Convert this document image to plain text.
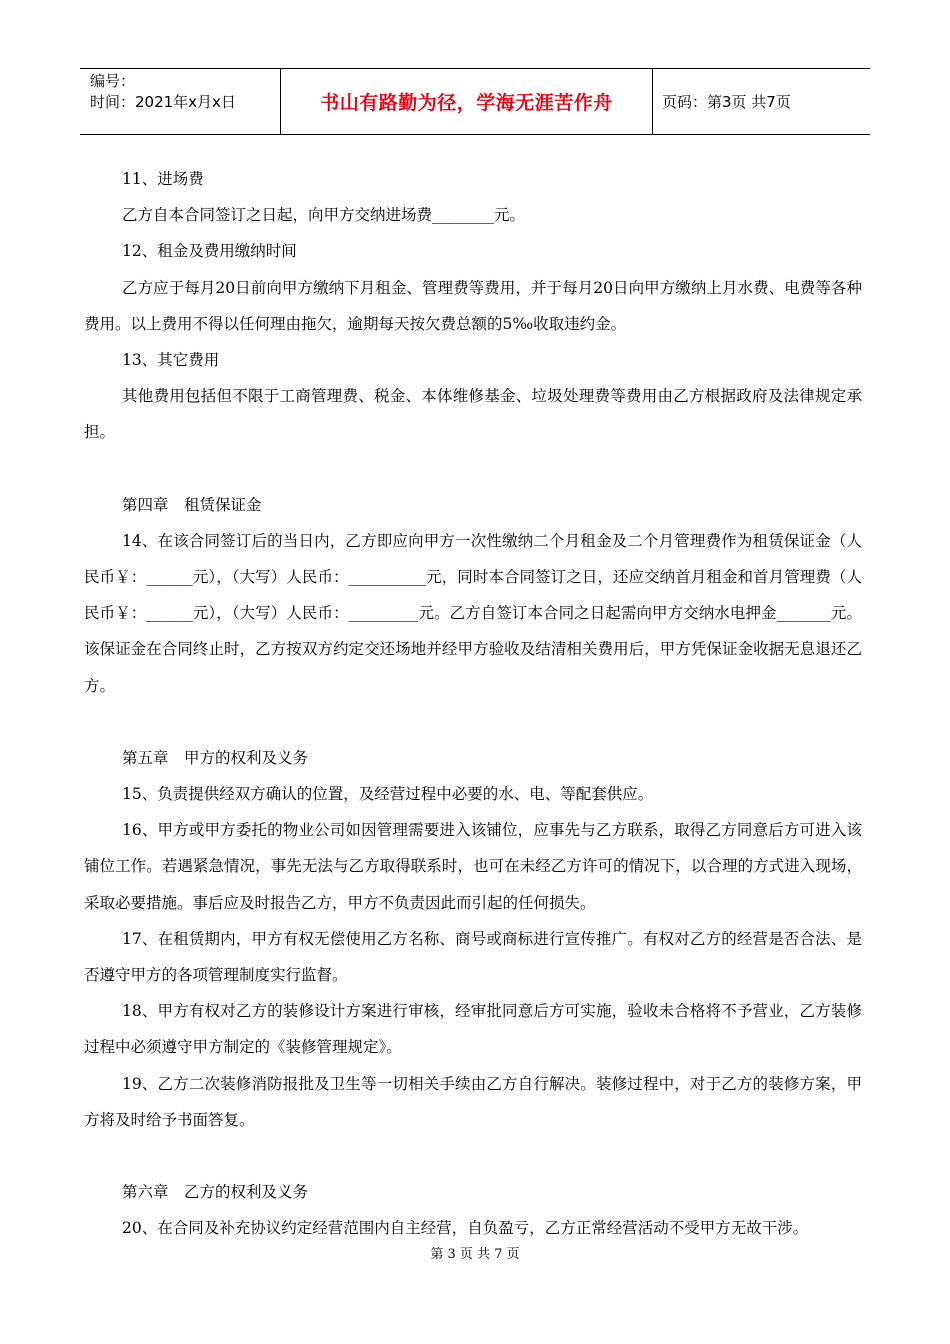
编号：
时间：2021年x月x日	书山有路勤为径，学海无涯苦作舟	页码：第3页 共7页

11、进场费

乙方自本合同签订之日起，向甲方交纳进场费________元。

12、租金及费用缴纳时间

乙方应于每月20日前向甲方缴纳下月租金、管理费等费用，并于每月20日向甲方缴纳上月水费、电费等各种费用。以上费用不得以任何理由拖欠，逾期每天按欠费总额的5‰收取违约金。

13、其它费用

其他费用包括但不限于工商管理费、税金、本体维修基金、垃圾处理费等费用由乙方根据政府及法律规定承担。

第四章　租赁保证金

14、在该合同签订后的当日内，乙方即应向甲方一次性缴纳二个月租金及二个月管理费作为租赁保证金（人民币￥：______元），（大写）人民币：__________元，同时本合同签订之日，还应交纳首月租金和首月管理费（人民币￥：______元），（大写）人民币：_________元。乙方自签订本合同之日起需向甲方交纳水电押金_______元。该保证金在合同终止时，乙方按双方约定交还场地并经甲方验收及结清相关费用后，甲方凭保证金收据无息退还乙方。

第五章　甲方的权利及义务

15、负责提供经双方确认的位置，及经营过程中必要的水、电、等配套供应。

16、甲方或甲方委托的物业公司如因管理需要进入该铺位，应事先与乙方联系，取得乙方同意后方可进入该铺位工作。若遇紧急情况，事先无法与乙方取得联系时，也可在未经乙方许可的情况下，以合理的方式进入现场，采取必要措施。事后应及时报告乙方，甲方不负责因此而引起的任何损失。

17、在租赁期内，甲方有权无偿使用乙方名称、商号或商标进行宣传推广。有权对乙方的经营是否合法、是否遵守甲方的各项管理制度实行监督。

18、甲方有权对乙方的装修设计方案进行审核，经审批同意后方可实施，验收未合格将不予营业，乙方装修过程中必须遵守甲方制定的《装修管理规定》。

19、乙方二次装修消防报批及卫生等一切相关手续由乙方自行解决。装修过程中，对于乙方的装修方案，甲方将及时给予书面答复。

第六章　乙方的权利及义务

20、在合同及补充协议约定经营范围内自主经营，自负盈亏，乙方正常经营活动不受甲方无故干涉。

第 3 页 共 7 页
